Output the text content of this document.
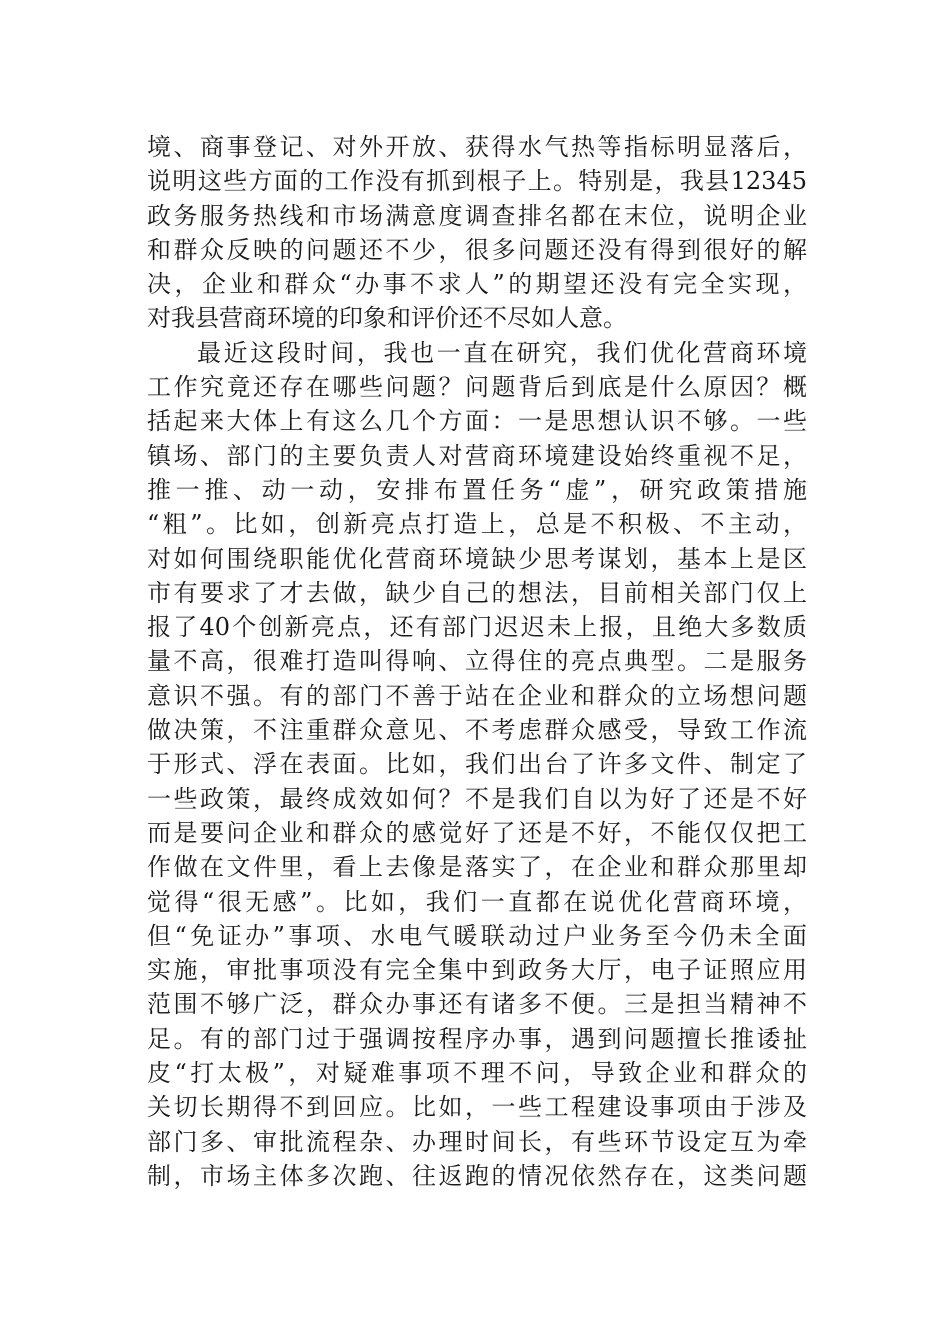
境、商事登记、对外开放、获得水气热等指标明显落后，
说明这些方面的工作没有抓到根子上。特别是，我县12345
政务服务热线和市场满意度调查排名都在末位，说明企业
和群众反映的问题还不少，很多问题还没有得到很好的解
决，企业和群众“办事不求人”的期望还没有完全实现，
对我县营商环境的印象和评价还不尽如人意。
最近这段时间，我也一直在研究，我们优化营商环境
工作究竟还存在哪些问题？问题背后到底是什么原因？概
括起来大体上有这么几个方面：一是思想认识不够。一些
镇场、部门的主要负责人对营商环境建设始终重视不足，
推一推、动一动，安排布置任务“虚”，研究政策措施
“粗”。比如，创新亮点打造上，总是不积极、不主动，
对如何围绕职能优化营商环境缺少思考谋划，基本上是区
市有要求了才去做，缺少自己的想法，目前相关部门仅上
报了40个创新亮点，还有部门迟迟未上报，且绝大多数质
量不高，很难打造叫得响、立得住的亮点典型。二是服务
意识不强。有的部门不善于站在企业和群众的立场想问题
做决策，不注重群众意见、不考虑群众感受，导致工作流
于形式、浮在表面。比如，我们出台了许多文件、制定了
一些政策，最终成效如何？不是我们自以为好了还是不好
而是要问企业和群众的感觉好了还是不好，不能仅仅把工
作做在文件里，看上去像是落实了，在企业和群众那里却
觉得“很无感”。比如，我们一直都在说优化营商环境，
但“免证办”事项、水电气暖联动过户业务至今仍未全面
实施，审批事项没有完全集中到政务大厅，电子证照应用
范围不够广泛，群众办事还有诸多不便。三是担当精神不
足。有的部门过于强调按程序办事，遇到问题擅长推诿扯
皮“打太极”，对疑难事项不理不问，导致企业和群众的
关切长期得不到回应。比如，一些工程建设事项由于涉及
部门多、审批流程杂、办理时间长，有些环节设定互为牵
制，市场主体多次跑、往返跑的情况依然存在，这类问题
